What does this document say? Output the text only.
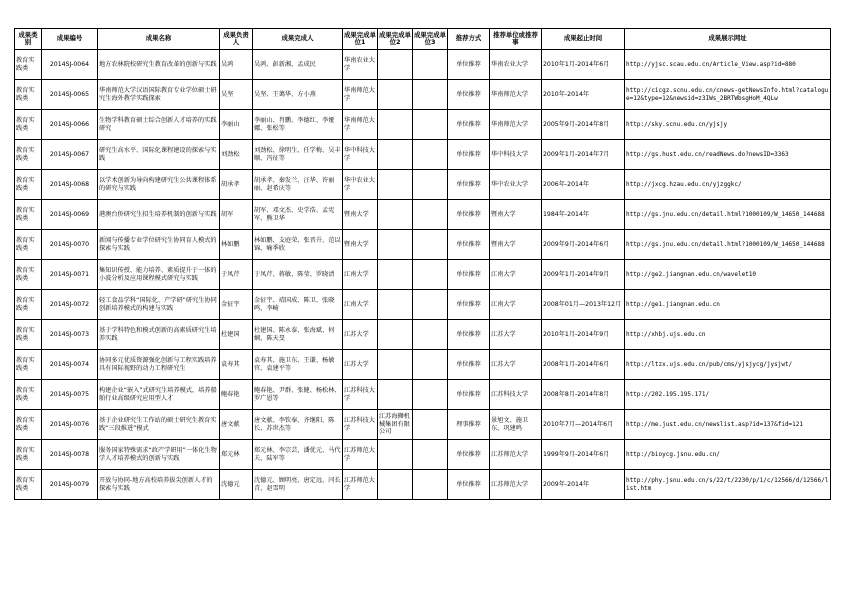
成果类别	成果编号	成果名称	成果负责人	成果完成人	成果完成单位1	成果完成单位2	成果完成单位3	推荐方式	推荐单位或推荐事	成果起止时间	成果展示网址
教育实践类	2014SJ-0064	地方农林院校研究生教育改革的创新与实践	吴鸿	吴鸿、彭新湘、孟成民	华南农业大学			单位推荐	华南农业大学	2010年1月-2014年6月	http://yjsc.scau.edu.cn/Article_View.asp?id=880
教育实践类	2014SJ-0065	华南师范大学汉语国际教育专业学位硕士研究生海外教学实践探索	吴坚	吴坚、王蔼华、方小燕	华南师范大学			单位推荐	华南师范大学	2010年-2014年	http://cicgz.scnu.edu.cn/cnews-getNewsInfo.html?catalogue=12&type=12&newsid=z3IWs_2BRTWbsgHoM_4QLw
教育实践类	2014SJ-0066	生物学科教育硕士综合创新人才培养的实践研究	李丽山	李丽山、肖鹏、李德红、李娅娜、张松等	华南师范大学			单位推荐	华南师范大学	2005年9月-2014年8月	http://sky.scnu.edu.cn/yjsjy
教育实践类	2014SJ-0067	研究生高水平、国际化课程建设的探索与实践	刘劲松	刘劲松、徐明生、任学梅、吴丰顺、冯征等	华中科技大学			单位推荐	华中科技大学	2009年1月-2014年7月	http://gs.hust.edu.cn/readNews.do?newsID=3363
教育实践类	2014SJ-0068	以学术创新为导向构建研究生公共课程体系的研究与实践	胡承孝	胡承孝、秦发兰、汪华、许丽丽、赵希庆等	华中农业大学			单位推荐	华中农业大学	2006年-2014年	http://jxcg.hzau.edu.cn/yjzggkc/
教育实践类	2014SJ-0069	港澳台侨研究生招生培养机制的创新与实践	胡军	胡军、邓文杰、史学浩、孟宪军、熊卫华	暨南大学			单位推荐	暨南大学	1984年-2014年	http://gs.jnu.edu.cn/detail.html?1000109/W_14650_144688
教育实践类	2014SJ-0070	新闻与传播专业学位研究生协同育人模式的探索与实践	林如鹏	林如鹏、支庭荣、张晋升、范以锦、喻季欣	暨南大学			单位推荐	暨南大学	2009年9月-2014年6月	http://gs.jnu.edu.cn/detail.html?1000109/W_14650_144688
教育实践类	2014SJ-0071	集知识传授、能力培养、素质提升于一体的小波分析及应用课程模式研究与实践	于凤芹	于凤芹、蒋敏、陈莹、罗晓清	江南大学			单位推荐	江南大学	2009年1月-2014年9月	http://ge2.jiangnan.edu.cn/wavelet10
教育实践类	2014SJ-0072	轻工食品学科“国际化、产学研”研究生协同创新培养模式的构建与实践	金征宇	金征宇、靖国成、陈卫、张晓鸣、李崎	江南大学			单位推荐	江南大学	2008年01月—2013年12月	http://ge1.jiangnan.edu.cn
教育实践类	2014SJ-0073	基于学科特色和模式创新的高素质研究生培养实践	杜建国	杜建国、陈永泰、张海斌、何娴、陈天旻	江苏大学			单位推荐	江苏大学	2010年1月-2014年9月	http://xhbj.ujs.edu.cn
教育实践类	2014SJ-0074	协同多元优质资源强化创新与工程实践培养具有国际视野的动力工程研究生	袁寿其	袁寿其、施卫东、王谦、杨敏官、袁建平等	江苏大学			单位推荐	江苏大学	2008年1月-2014年6月	http://ltzx.ujs.edu.cn/pub/cms/yjsjycg/jysjwt/
教育实践类	2014SJ-0075	构建企业“嵌入”式研究生培养模式，培养船舶行业高级研究应用型人才	鲍春艳	鲍春艳、尹群、张健、杨松林、罗广恩等	江苏科技大学			单位推荐	江苏科技大学	2008年8月-2014年8月	http://202.195.195.171/
教育实践类	2014SJ-0076	基于企业研究生工作站的硕士研究生教育实践“三段推进”模式	唐文献	唐文献、李钦奉、齐继阳、陈长、苏世杰等	江苏科技大学	江苏海狮机械集团有限公司		理事推荐	景旭文、施卫东、巩建鸣	2010年7月—2014年6月	http://me.just.edu.cn/newslist.asp?id=137&fid=121
教育实践类	2014SJ-0078	服务国家特殊需求“政产学研用”一体化生物学人才培养模式的创新与实践	郑元林	郑元林、李宗芸、潘优元、马代夫、陆军等	江苏师范大学			单位推荐	江苏师范大学	1999年9月-2014年6月	http://bioycg.jsnu.edu.cn/
教育实践类	2014SJ-0079	开放与协同-地方高校培养拔尖创新人才的探索与实践	沈德元	沈德元、顾明亮、唐定远、闫长青、赵雪明	江苏师范大学			单位推荐	江苏师范大学	2009年-2014年	http://phy.jsnu.edu.cn/s/22/t/2230/p/1/c/12566/d/12566/list.htm
